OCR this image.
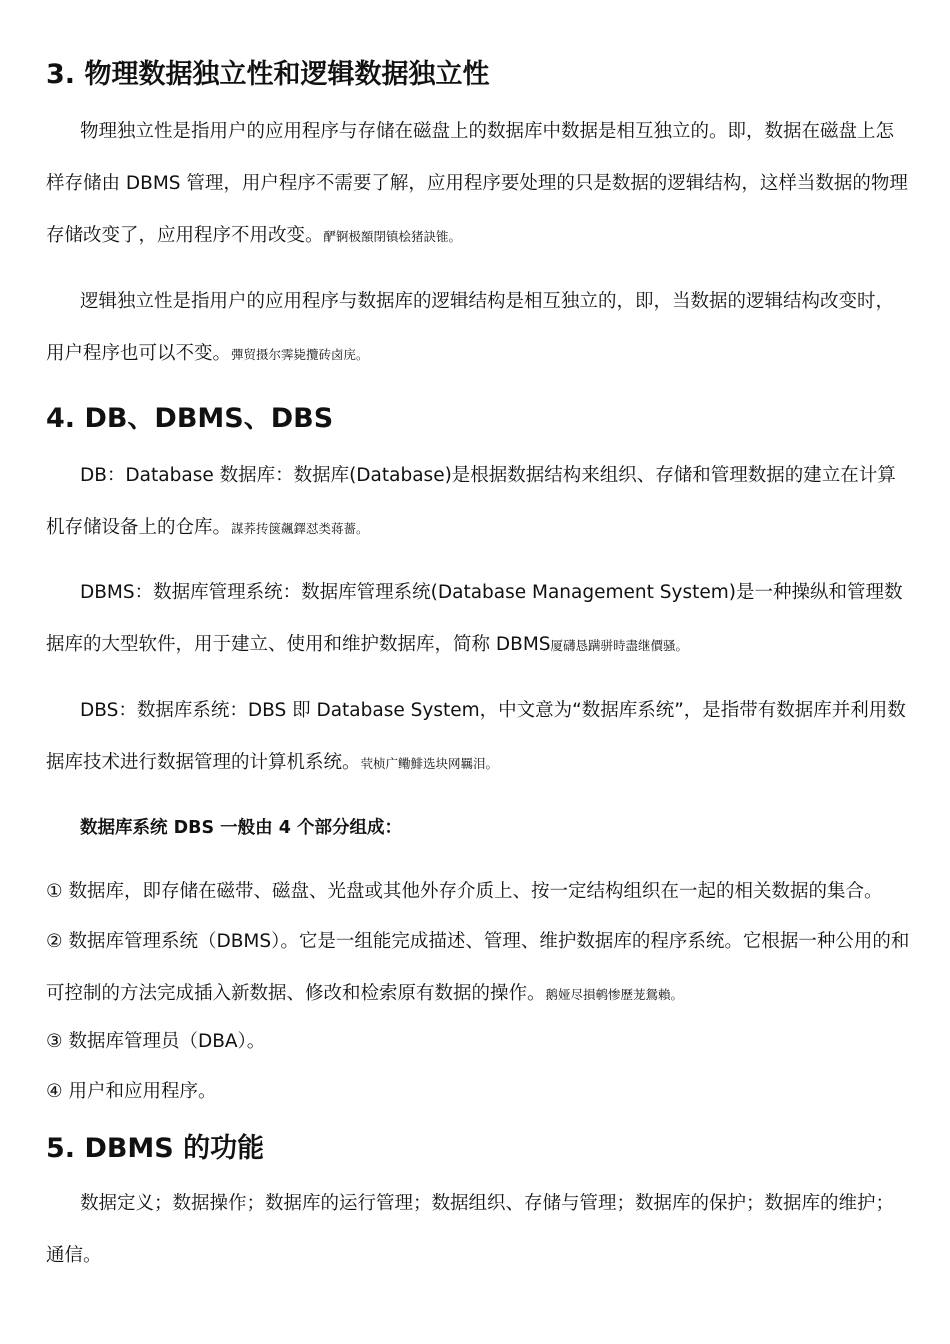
3. 物理数据独立性和逻辑数据独立性

物理独立性是指用户的应用程序与存储在磁盘上的数据库中数据是相互独立的。即，数据在磁盘上怎样存储由 DBMS 管理，用户程序不需要了解，应用程序要处理的只是数据的逻辑结构，这样当数据的物理存储改变了，应用程序不用改变。酽锕极額閉镇桧猪訣锥。

逻辑独立性是指用户的应用程序与数据库的逻辑结构是相互独立的，即，当数据的逻辑结构改变时，用户程序也可以不变。彈贸摄尔霁毙攬砖卤庑。

4. DB、DBMS、DBS

DB：Database 数据库：数据库(Database)是根据数据结构来组织、存储和管理数据的建立在计算机存储设备上的仓库。謀荞抟箧飆鐸怼类蒋薔。

DBMS：数据库管理系统：数据库管理系统(Database Management System)是一种操纵和管理数据库的大型软件，用于建立、使用和维护数据库，简称 DBMS厦礴恳蹒骈時盡继價骚。

DBS：数据库系统：DBS 即 Database System，中文意为“数据库系统”，是指带有数据库并利用数据库技术进行数据管理的计算机系统。茕桢广鳓鯡选块网羈泪。

数据库系统 DBS 一般由 4 个部分组成：

① 数据库，即存储在磁带、磁盘、光盘或其他外存介质上、按一定结构组织在一起的相关数据的集合。

② 数据库管理系统（DBMS）。它是一组能完成描述、管理、维护数据库的程序系统。它根据一种公用的和可控制的方法完成插入新数据、修改和检索原有数据的操作。鹅娅尽損鹌惨歷茏鴛賴。

③ 数据库管理员（DBA）。

④ 用户和应用程序。

5. DBMS 的功能

数据定义；数据操作；数据库的运行管理；数据组织、存储与管理；数据库的保护；数据库的维护；通信。
